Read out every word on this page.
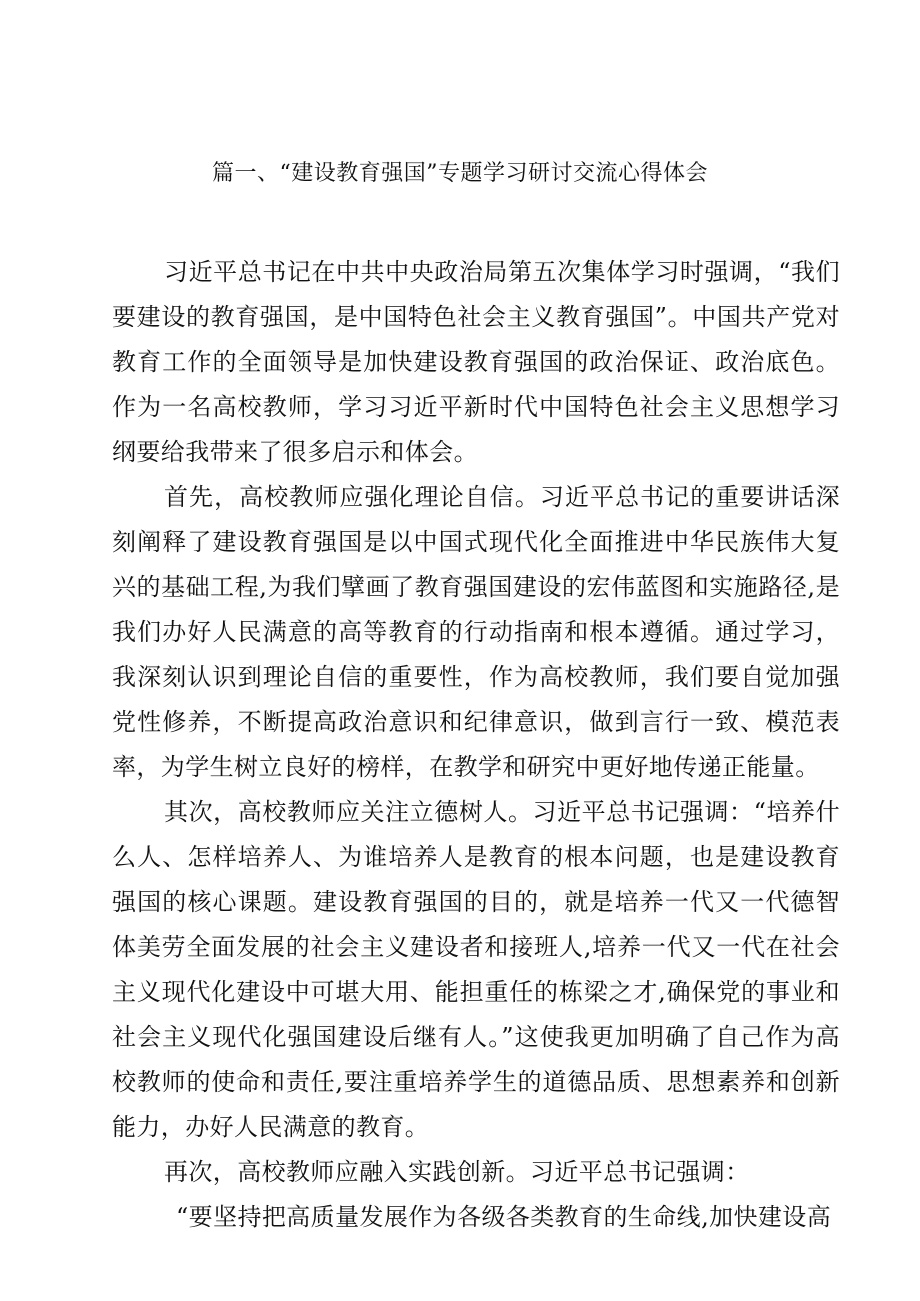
篇一、“建设教育强国”专题学习研讨交流心得体会

习近平总书记在中共中央政治局第五次集体学习时强调，“我们要建设的教育强国，是中国特色社会主义教育强国”。中国共产党对教育工作的全面领导是加快建设教育强国的政治保证、政治底色。作为一名高校教师，学习习近平新时代中国特色社会主义思想学习纲要给我带来了很多启示和体会。

首先，高校教师应强化理论自信。习近平总书记的重要讲话深刻阐释了建设教育强国是以中国式现代化全面推进中华民族伟大复兴的基础工程,为我们擘画了教育强国建设的宏伟蓝图和实施路径,是我们办好人民满意的高等教育的行动指南和根本遵循。通过学习，我深刻认识到理论自信的重要性，作为高校教师，我们要自觉加强党性修养，不断提高政治意识和纪律意识，做到言行一致、模范表率，为学生树立良好的榜样，在教学和研究中更好地传递正能量。

其次，高校教师应关注立德树人。习近平总书记强调：“培养什么人、怎样培养人、为谁培养人是教育的根本问题，也是建设教育强国的核心课题。建设教育强国的目的，就是培养一代又一代德智体美劳全面发展的社会主义建设者和接班人,培养一代又一代在社会主义现代化建设中可堪大用、能担重任的栋梁之才,确保党的事业和社会主义现代化强国建设后继有人。”这使我更加明确了自己作为高校教师的使命和责任,要注重培养学生的道德品质、思想素养和创新能力，办好人民满意的教育。

再次，高校教师应融入实践创新。习近平总书记强调：

“要坚持把高质量发展作为各级各类教育的生命线,加快建设高
